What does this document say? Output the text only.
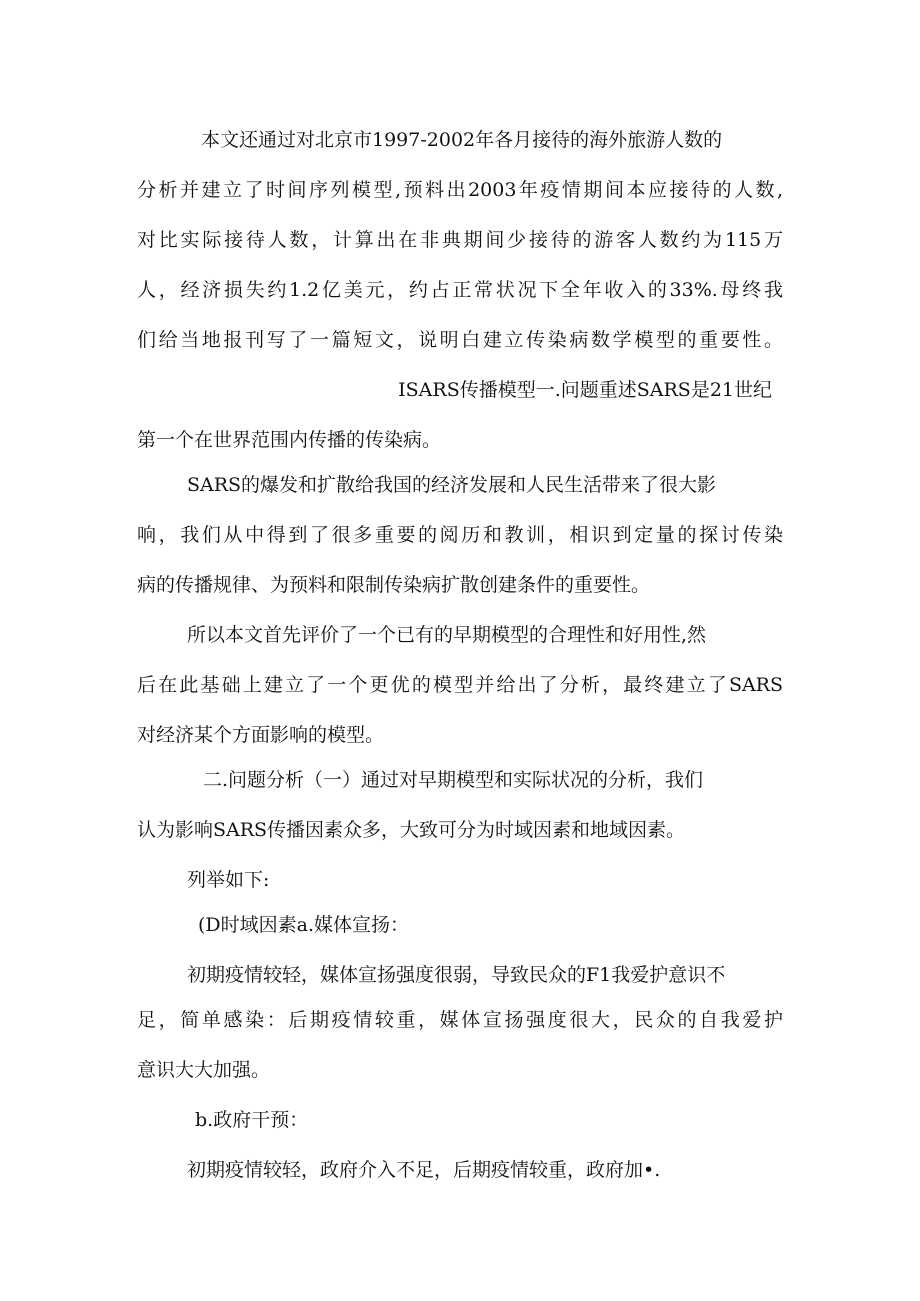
本文还通过对北京市1997-2002年各月接待的海外旅游人数的
分析并建立了时间序列模型,预料出2003年疫情期间本应接待的人数,
对比实际接待人数，计算出在非典期间少接待的游客人数约为115万
人，经济损失约1.2亿美元，约占正常状况下全年收入的33%.母终我
们给当地报刊写了一篇短文，说明白建立传染病数学模型的重要性。
ISARS传播模型一.问题重述SARS是21世纪
第一个在世界范围内传播的传染病。
SARS的爆发和扩散给我国的经济发展和人民生活带来了很大影
响，我们从中得到了很多重要的阅历和教训，相识到定量的探讨传染
病的传播规律、为预料和限制传染病扩散创建条件的重要性。
所以本文首先评价了一个已有的早期模型的合理性和好用性,然
后在此基础上建立了一个更优的模型并给出了分析，最终建立了SARS
对经济某个方面影响的模型。
二.问题分析（一）通过对早期模型和实际状况的分析，我们
认为影响SARS传播因素众多，大致可分为时域因素和地域因素。
列举如下:
(D时域因素a.媒体宣扬：
初期疫情较轻，媒体宣扬强度很弱，导致民众的F1我爱护意识不
足，简单感染：后期疫情较重，媒体宣扬强度很大，民众的自我爱护
意识大大加强。
b.政府干预：
初期疫情较轻，政府介入不足，后期疫情较重，政府加•.
